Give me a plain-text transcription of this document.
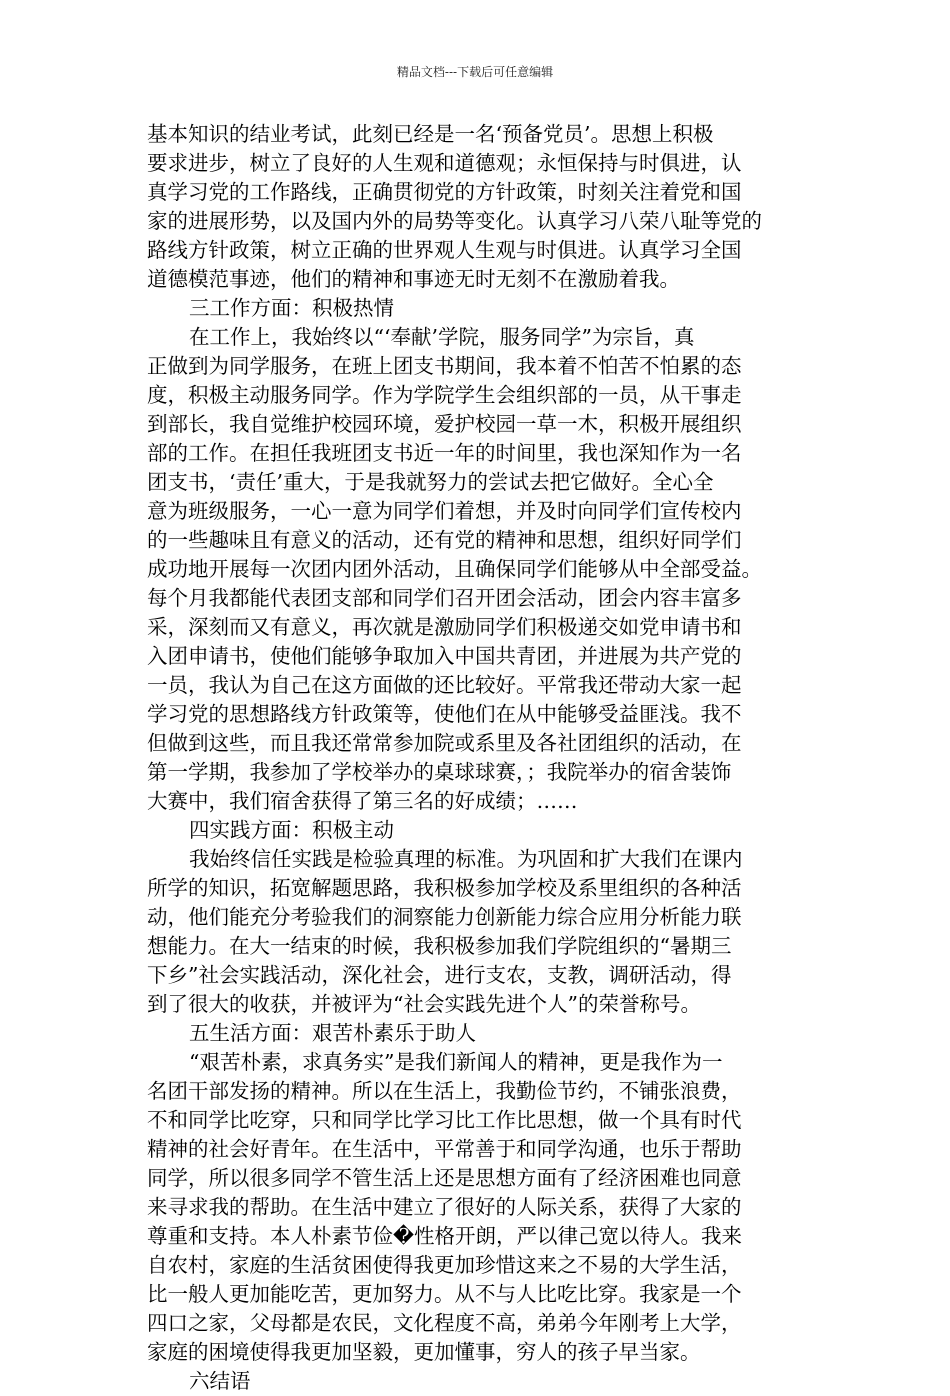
精品文档---下载后可任意编辑
基本知识的结业考试，此刻已经是一名‘预备党员’。思想上积极
要求进步，树立了良好的人生观和道德观；永恒保持与时俱进，认
真学习党的工作路线，正确贯彻党的方针政策，时刻关注着党和国
家的进展形势，以及国内外的局势等变化。认真学习八荣八耻等党的
路线方针政策，树立正确的世界观人生观与时俱进。认真学习全国
道德模范事迹，他们的精神和事迹无时无刻不在激励着我。
三工作方面：积极热情
在工作上，我始终以“‘奉献’学院，服务同学”为宗旨，真
正做到为同学服务，在班上团支书期间，我本着不怕苦不怕累的态
度，积极主动服务同学。作为学院学生会组织部的一员，从干事走
到部长，我自觉维护校园环境，爱护校园一草一木，积极开展组织
部的工作。在担任我班团支书近一年的时间里，我也深知作为一名
团支书，‘责任’重大，于是我就努力的尝试去把它做好。全心全
意为班级服务，一心一意为同学们着想，并及时向同学们宣传校内
的一些趣味且有意义的活动，还有党的精神和思想，组织好同学们
成功地开展每一次团内团外活动，且确保同学们能够从中全部受益。
每个月我都能代表团支部和同学们召开团会活动，团会内容丰富多
采，深刻而又有意义，再次就是激励同学们积极递交如党申请书和
入团申请书，使他们能够争取加入中国共青团，并进展为共产党的
一员，我认为自己在这方面做的还比较好。平常我还带动大家一起
学习党的思想路线方针政策等，使他们在从中能够受益匪浅。我不
但做到这些，而且我还常常参加院或系里及各社团组织的活动，在
第一学期，我参加了学校举办的桌球球赛，；我院举办的宿舍装饰
大赛中，我们宿舍获得了第三名的好成绩；……
四实践方面：积极主动
我始终信任实践是检验真理的标准。为巩固和扩大我们在课内
所学的知识，拓宽解题思路，我积极参加学校及系里组织的各种活
动，他们能充分考验我们的洞察能力创新能力综合应用分析能力联
想能力。在大一结束的时候，我积极参加我们学院组织的“暑期三
下乡”社会实践活动，深化社会，进行支农，支教，调研活动，得
到了很大的收获，并被评为“社会实践先进个人”的荣誉称号。
五生活方面：艰苦朴素乐于助人
“艰苦朴素，求真务实”是我们新闻人的精神，更是我作为一
名团干部发扬的精神。所以在生活上，我勤俭节约，不铺张浪费，
不和同学比吃穿，只和同学比学习比工作比思想，做一个具有时代
精神的社会好青年。在生活中，平常善于和同学沟通，也乐于帮助
同学，所以很多同学不管生活上还是思想方面有了经济困难也同意
来寻求我的帮助。在生活中建立了很好的人际关系，获得了大家的
尊重和支持。本人朴素节俭�性格开朗，严以律己宽以待人。我来
自农村，家庭的生活贫困使得我更加珍惜这来之不易的大学生活，
比一般人更加能吃苦，更加努力。从不与人比吃比穿。我家是一个
四口之家，父母都是农民，文化程度不高，弟弟今年刚考上大学，
家庭的困境使得我更加坚毅，更加懂事，穷人的孩子早当家。
六结语
